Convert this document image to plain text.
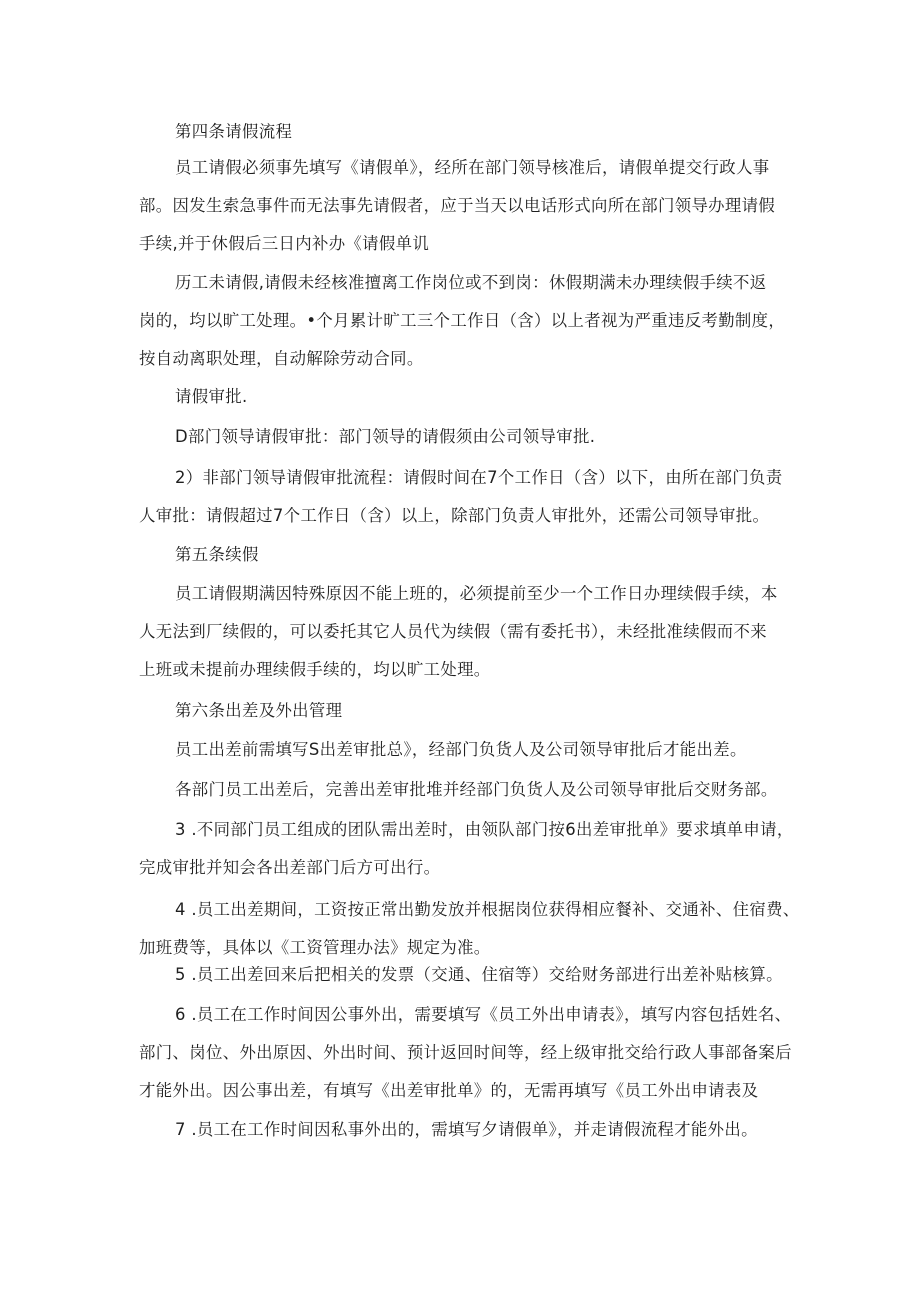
第四条请假流程
员工请假必须事先填写《请假单》，经所在部门领导核准后，请假单提交行政人事
部。因发生索急事件而无法事先请假者，应于当天以电话形式向所在部门领导办理请假
手续,并于休假后三日内补办《请假单讥
历工未请假,请假未经核准擅离工作岗位或不到岗：休假期满未办理续假手续不返
岗的，均以旷工处理。•个月累计旷工三个工作日（含）以上者视为严重违反考勤制度，
按自动离职处理，自动解除劳动合同。
请假审批.
D部门领导请假审批：部门领导的请假须由公司领导审批.
2）非部门领导请假审批流程：请假时间在7个工作日（含）以下，由所在部门负责
人审批：请假超过7个工作日（含）以上，除部门负责人审批外，还需公司领导审批。
第五条续假
员工请假期满因特殊原因不能上班的，必须提前至少一个工作日办理续假手续，本
人无法到厂续假的，可以委托其它人员代为续假（需有委托书），未经批准续假而不来
上班或未提前办理续假手续的，均以旷工处理。
第六条出差及外出管理
员工出差前需填写S出差审批总》，经部门负货人及公司领导审批后才能出差。
各部门员工出差后，完善出差审批堆并经部门负货人及公司领导审批后交财务部。
3 .不同部门员工组成的团队需出差时，由领队部门按6出差审批单》要求填单申请，
完成审批并知会各出差部门后方可出行。
4 .员工出差期间，工资按正常出勤发放并根据岗位获得相应餐补、交通补、住宿费、
加班费等，具体以《工资管理办法》规定为准。
5 .员工出差回来后把相关的发票（交通、住宿等）交给财务部进行出差补贴核算。
6 .员工在工作时间因公事外出，需要填写《员工外出申请表》，填写内容包括姓名、
部门、岗位、外出原因、外出时间、预计返回时间等，经上级审批交给行政人事部备案后
才能外出。因公事出差，有填写《出差审批单》的，无需再填写《员工外出申请表及
7 .员工在工作时间因私事外出的，需填写夕请假单》，并走请假流程才能外出。
